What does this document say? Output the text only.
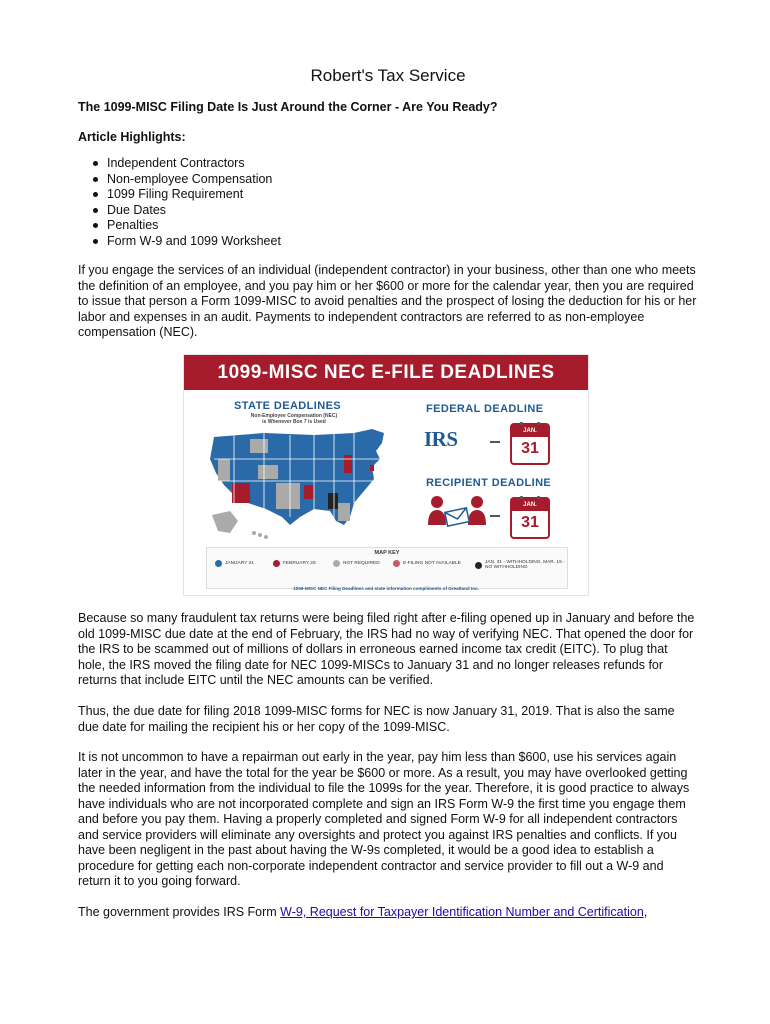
Robert's Tax Service
The 1099-MISC Filing Date Is Just Around the Corner - Are You Ready?
Article Highlights:
Independent Contractors
Non-employee Compensation
1099 Filing Requirement
Due Dates
Penalties
Form W-9 and 1099 Worksheet

If you engage the services of an individual (independent contractor) in your business, other than one who meets the definition of an employee, and you pay him or her $600 or more for the calendar year, then you are required to issue that person a Form 1099-MISC to avoid penalties and the prospect of losing the deduction for his or her labor and expenses in an audit. Payments to independent contractors are referred to as non-employee compensation (NEC).

Because so many fraudulent tax returns were being filed right after e-filing opened up in January and before the old 1099-MISC due date at the end of February, the IRS had no way of verifying NEC. That opened the door for the IRS to be scammed out of millions of dollars in erroneous earned income tax credit (EITC). To plug that hole, the IRS moved the filing date for NEC 1099-MISCs to January 31 and no longer releases refunds for returns that include EITC until the NEC amounts can be verified.

Thus, the due date for filing 2018 1099-MISC forms for NEC is now January 31, 2019. That is also the same due date for mailing the recipient his or her copy of the 1099-MISC.

It is not uncommon to have a repairman out early in the year, pay him less than $600, use his services again later in the year, and have the total for the year be $600 or more. As a result, you may have overlooked getting the needed information from the individual to file the 1099s for the year. Therefore, it is good practice to always have individuals who are not incorporated complete and sign an IRS Form W-9 the first time you engage them and before you pay them. Having a properly completed and signed Form W-9 for all independent contractors and service providers will eliminate any oversights and protect you against IRS penalties and conflicts. If you have been negligent in the past about having the W-9s completed, it would be a good idea to establish a procedure for getting each non-corporate independent contractor and service provider to fill out a W-9 and return it to you going forward.

The government provides IRS Form W-9, Request for Taxpayer Identification Number and Certification,

1099-MISC NEC E-FILE DEADLINES
STATE DEADLINES
Non-Employee Compensation (NEC)
is Whenever Box 7 is Used
FEDERAL DEADLINE
IRS	JAN.
31
RECIPIENT DEADLINE
JAN.
31
MAP KEY
JANUARY 31	FEBRUARY 28	NOT REQUIRED	E-FILING NOT AVAILABLE	JAN. 31 - WITHHOLDING, MAR. 15 - NO WITHHOLDING
1099-MISC NEC Filing Deadlines and state information compliments of Greatland Inc.
